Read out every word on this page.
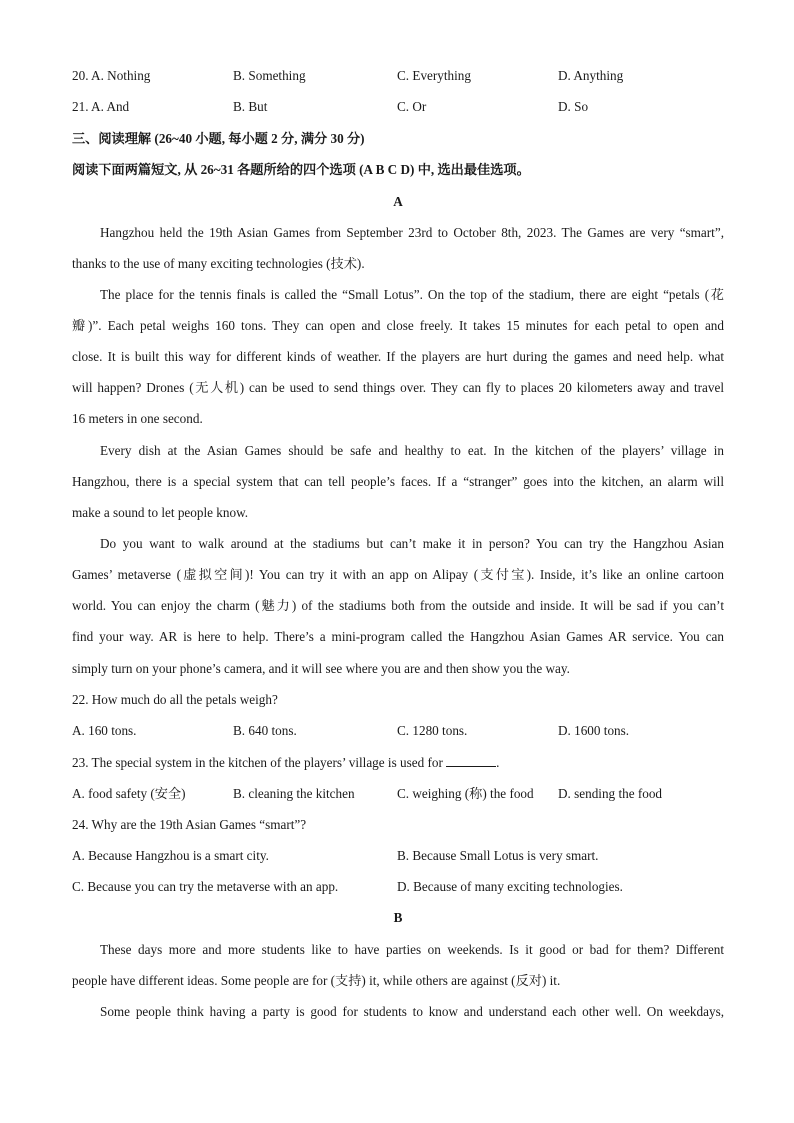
20. A. Nothing	B. Something	C. Everything	D. Anything
21. A. And	B. But	C. Or	D. So
三、阅读理解 (26~40 小题, 每小题 2 分, 满分 30 分)
阅读下面两篇短文, 从 26~31 各题所给的四个选项 (A B C D) 中, 选出最佳选项。
A
Hangzhou held the 19th Asian Games from September 23rd to October 8th, 2023. The Games are very “smart”,
thanks to the use of many exciting technologies (技术).
The place for the tennis finals is called the “Small Lotus”. On the top of the stadium, there are eight “petals (花
瓣)”. Each petal weighs 160 tons. They can open and close freely. It takes 15 minutes for each petal to open and
close. It is built this way for different kinds of weather. If the players are hurt during the games and need help. what
will happen? Drones (无人机) can be used to send things over. They can fly to places 20 kilometers away and travel
16 meters in one second.
Every dish at the Asian Games should be safe and healthy to eat. In the kitchen of the players’ village in
Hangzhou, there is a special system that can tell people’s faces. If a “stranger” goes into the kitchen, an alarm will
make a sound to let people know.
Do you want to walk around at the stadiums but can’t make it in person? You can try the Hangzhou Asian
Games’ metaverse (虚拟空间)! You can try it with an app on Alipay (支付宝). Inside, it’s like an online cartoon
world. You can enjoy the charm (魅力) of the stadiums both from the outside and inside. It will be sad if you can’t
find your way. AR is here to help. There’s a mini-program called the Hangzhou Asian Games AR service. You can
simply turn on your phone’s camera, and it will see where you are and then show you the way.
22. How much do all the petals weigh?
A. 160 tons.	B. 640 tons.	C. 1280 tons.	D. 1600 tons.
23. The special system in the kitchen of the players’ village is used for	.
A. food safety (安全)	B. cleaning the kitchen	C. weighing (称) the food D. sending the food
24. Why are the 19th Asian Games “smart”?
A. Because Hangzhou is a smart city.	B. Because Small Lotus is very smart.
C. Because you can try the metaverse with an app.	D. Because of many exciting technologies.
B
These days more and more students like to have parties on weekends. Is it good or bad for them? Different
people have different ideas. Some people are for (支持) it, while others are against (反对) it.
Some people think having a party is good for students to know and understand each other well. On weekdays,
